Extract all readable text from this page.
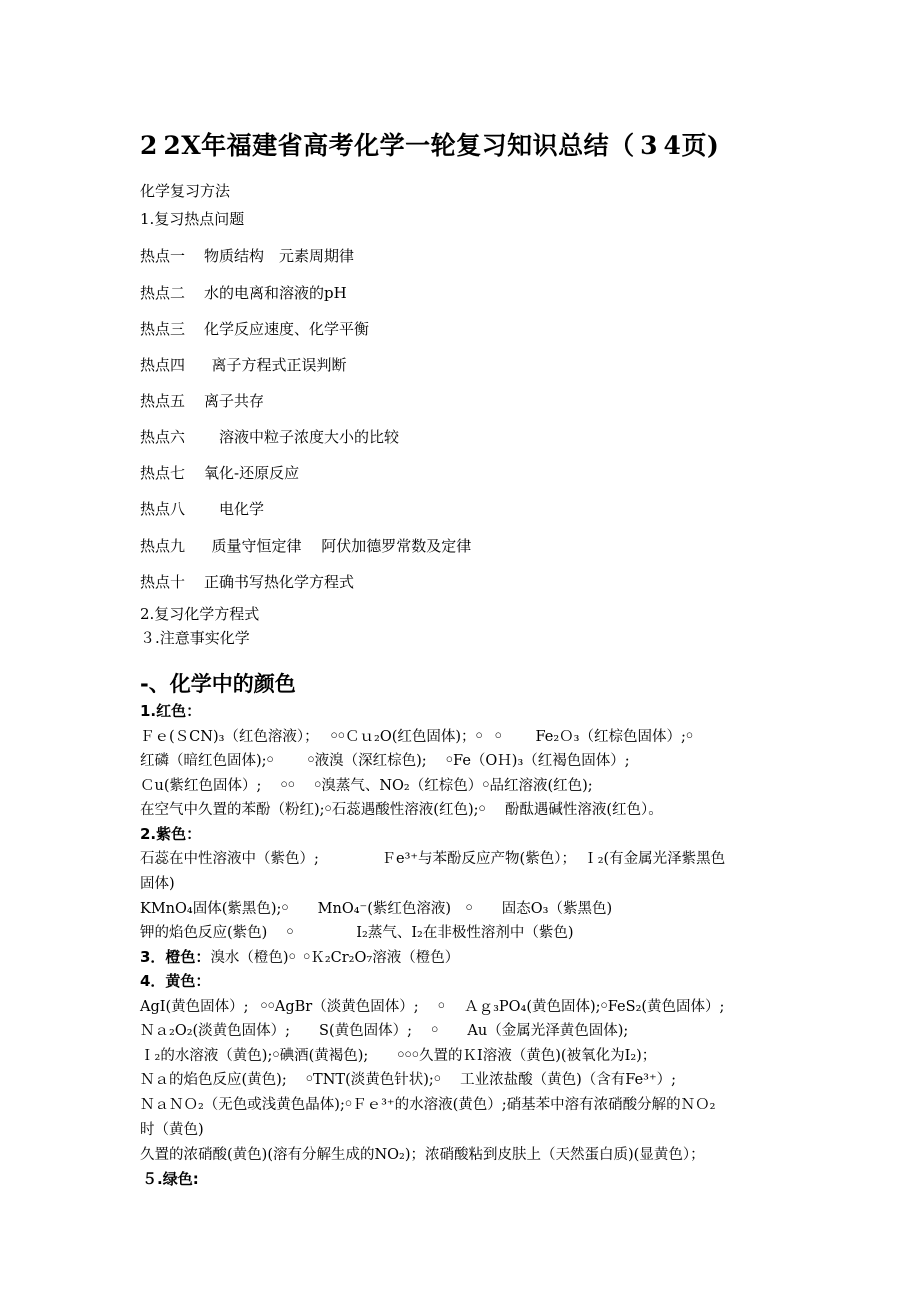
2 2X年福建省高考化学一轮复习知识总结（ 3 4页)
化学复习方法
1.复习热点问题
热点一 物质结构　元素周期律
热点二 水的电离和溶液的pH
热点三 化学反应速度、化学平衡
热点四 离子方程式正误判断
热点五 离子共存
热点六　溶液中粒子浓度大小的比较
热点七 氧化-还原反应
热点八　电化学
热点九 质量守恒定律　 阿伏加德罗常数及定律
热点十 正确书写热化学方程式
2.复习化学方程式
３.注意事实化学
-、化学中的颜色
1.红色：
Ｆｅ(ＳCN)₃（红色溶液）；　 ￮￮Ｃｕ₂O(红色固体)；￮  ￮　　 Fe₂Ｏ₃（红棕色固体）;￮
红磷（暗红色固体);￮　　 ￮液溴（深红棕色);　 ￮Fe（OＨ)₃（红褐色固体）;
Ｃu(紫红色固体）;　 ￮￮　 ￮溴蒸气、NO₂（红棕色）￮品红溶液(红色);
在空气中久置的苯酚（粉红);￮石蕊遇酸性溶液(红色);￮　 酚酞遇碱性溶液(红色）。
2.紫色：
石蕊在中性溶液中（紫色）;　　　　 Ｆe³⁺与苯酚反应产物(紫色）； Ｉ₂(有金属光泽紫黑色
固体)
KMnO₄固体(紫黑色);￮　　MnO₄⁻(紫红色溶液)　￮　　固态O₃（紫黑色)
钾的焰色反应(紫色)　 ￮　　　　 I₂蒸气、I₂在非极性溶剂中（紫色)
3．橙色：溴水（橙色)￮ ￮Ｋ₂Cr₂O₇溶液（橙色）
4．黄色：
AgI(黄色固体）;  ￮￮AgBr（淡黄色固体）;　 ￮　 Ａｇ₃PO₄(黄色固体);￮FeS₂(黄色固体）;
Ｎａ₂O₂(淡黄色固体）;　　S(黄色固体）;　 ￮　　Au（金属光泽黄色固体);
Ｉ₂的水溶液（黄色);￮碘酒(黄褐色);　　￮￮￮久置的ＫI溶液（黄色)(被氧化为I₂)；
Ｎａ的焰色反应(黄色);　 ￮TNT(淡黄色针状);￮　 工业浓盐酸（黄色)（含有Fe³⁺）;
ＮａＮＯ₂（无色或浅黄色晶体);￮Ｆｅ³⁺的水溶液(黄色）;硝基苯中溶有浓硝酸分解的ＮＯ₂
时（黄色)
久置的浓硝酸(黄色)(溶有分解生成的NO₂)；浓硝酸粘到皮肤上（天然蛋白质)(显黄色）；
５.绿色:
